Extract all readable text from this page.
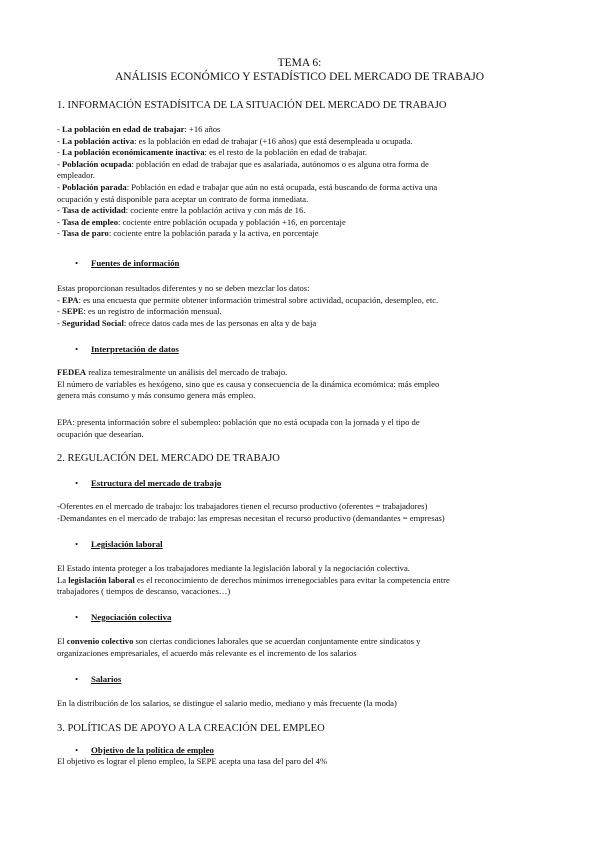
TEMA 6:
ANÁLISIS ECONÓMICO Y ESTADÍSTICO DEL MERCADO DE TRABAJO
1. INFORMACIÓN ESTADÍSITCA DE LA SITUACIÓN DEL MERCADO DE TRABAJO
- La población en edad de trabajar: +16 años
- La población activa: es la población en edad de trabajar (+16 años) que está desempleada u ocupada.
- La población económicamente inactiva: es el resto de la población en edad de trabajar.
- Población ocupada: población en edad de trabajar que es asalariada, autónomos o es alguna otra forma de
empleador.
- Población parada: Población en edad e trabajar que aún no está ocupada, está buscando de forma activa una
ocupación y está disponible para aceptar un contrato de forma inmediata.
- Tasa de actividad: cociente entre la población activa y con más de 16.
- Tasa de empleo: cociente entre población ocupada y población +16, en porcentaje
- Tasa de paro: cociente entre la población parada y la activa, en porcentaje
• Fuentes de información
Estas proporcionan resultados diferentes y no se deben mezclar los datos:
- EPA: es una encuesta que permite obtener información trimestral sobre actividad, ocupación, desempleo, etc.
- SEPE: es un registro de información mensual.
- Seguridad Social: ofrece datos cada mes de las personas en alta y de baja
• Interpretación de datos
FEDEA realiza temestralmente un análisis del mercado de trabajo.
El número de variables es hexógeno, sino que es causa y consecuencia de la dinámica ecomómica: más empleo
genera más consumo y más consumo genera más empleo.
EPA: presenta información sobre el subempleo: población que no está ocupada con la jornada y el tipo de
ocupación que desearían.
2. REGULACIÓN DEL MERCADO DE TRABAJO
• Estructura del mercado de trabajo
-Oferentes en el mercado de trabajo: los trabajadores tienen el recurso productivo (oferentes = trabajadores)
-Demandantes en el mercado de trabajo: las empresas necesitan el recurso productivo (demandantes = empresas)
• Legislación laboral
El Estado intenta proteger a los trabajadores mediante la legislación laboral y la negociación colectiva.
La legislación laboral es el reconocimiento de derechos mínimos irrenegociables para evitar la competencia entre
trabajadores ( tiempos de descanso, vacaciones…)
• Negociación colectiva
El convenio colectivo son ciertas condiciones laborales que se acuerdan conjuntamente entre sindicatos y
organizaciones empresariales, el acuerdo más relevante es el incremento de los salarios
• Salarios
En la distribución de los salarios, se distingue el salario medio, mediano y más frecuente (la moda)
3. POLÍTICAS DE APOYO A LA CREACIÓN DEL EMPLEO
• Objetivo de la política de empleo
El objetivo es lograr el pleno empleo, la SEPE acepta una tasa del paro del 4%
